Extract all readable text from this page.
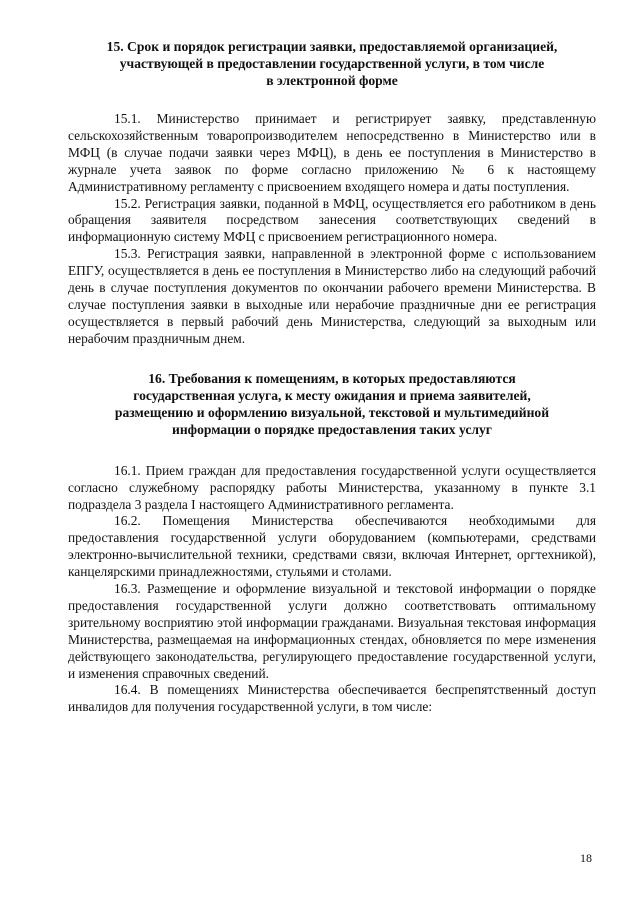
15. Срок и порядок регистрации заявки, предоставляемой организацией,
участвующей в предоставлении государственной услуги, в том числе
в электронной форме

15.1. Министерство принимает и регистрирует заявку, представленную сельскохозяйственным товаропроизводителем непосредственно в Министерство или в МФЦ (в случае подачи заявки через МФЦ), в день ее поступления в Министерство в журнале учета заявок по форме согласно приложению № 6 к настоящему Административному регламенту с присвоением входящего номера и даты поступления.

15.2. Регистрация заявки, поданной в МФЦ, осуществляется его работником в день обращения заявителя посредством занесения соответствующих сведений в информационную систему МФЦ с присвоением регистрационного номера.

15.3. Регистрация заявки, направленной в электронной форме с использованием ЕПГУ, осуществляется в день ее поступления в Министерство либо на следующий рабочий день в случае поступления документов по окончании рабочего времени Министерства. В случае поступления заявки в выходные или нерабочие праздничные дни ее регистрация осуществляется в первый рабочий день Министерства, следующий за выходным или нерабочим праздничным днем.

16. Требования к помещениям, в которых предоставляются
государственная услуга, к месту ожидания и приема заявителей,
размещению и оформлению визуальной, текстовой и мультимедийной
информации о порядке предоставления таких услуг

16.1. Прием граждан для предоставления государственной услуги осуществляется согласно служебному распорядку работы Министерства, указанному в пункте 3.1 подраздела 3 раздела I настоящего Административного регламента.

16.2. Помещения Министерства обеспечиваются необходимыми для предоставления государственной услуги оборудованием (компьютерами, средствами электронно-вычислительной техники, средствами связи, включая Интернет, оргтехникой), канцелярскими принадлежностями, стульями и столами.

16.3. Размещение и оформление визуальной и текстовой информации о порядке предоставления государственной услуги должно соответствовать оптимальному зрительному восприятию этой информации гражданами. Визуальная текстовая информация Министерства, размещаемая на информационных стендах, обновляется по мере изменения действующего законодательства, регулирующего предоставление государственной услуги, и изменения справочных сведений.

16.4. В помещениях Министерства обеспечивается беспрепятственный доступ инвалидов для получения государственной услуги, в том числе:

18
